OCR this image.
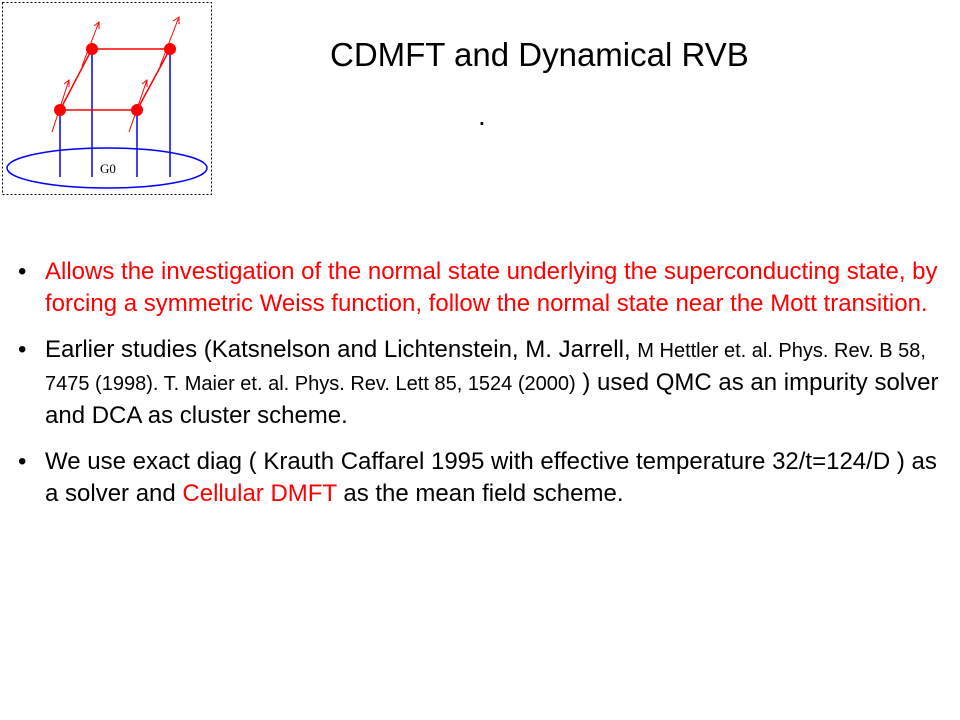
G0
CDMFT and Dynamical RVB
.
• Allows the investigation of the normal state underlying the superconducting state, by forcing a symmetric Weiss function, follow the normal state near the Mott transition.
• Earlier studies (Katsnelson and Lichtenstein, M. Jarrell, M Hettler et. al. Phys. Rev. B 58, 7475 (1998). T. Maier et. al. Phys. Rev. Lett 85, 1524 (2000) ) used QMC as an impurity solver and DCA as cluster scheme.
• We use exact diag ( Krauth Caffarel 1995 with effective temperature 32/t=124/D ) as a solver and Cellular DMFT as the mean field scheme.
